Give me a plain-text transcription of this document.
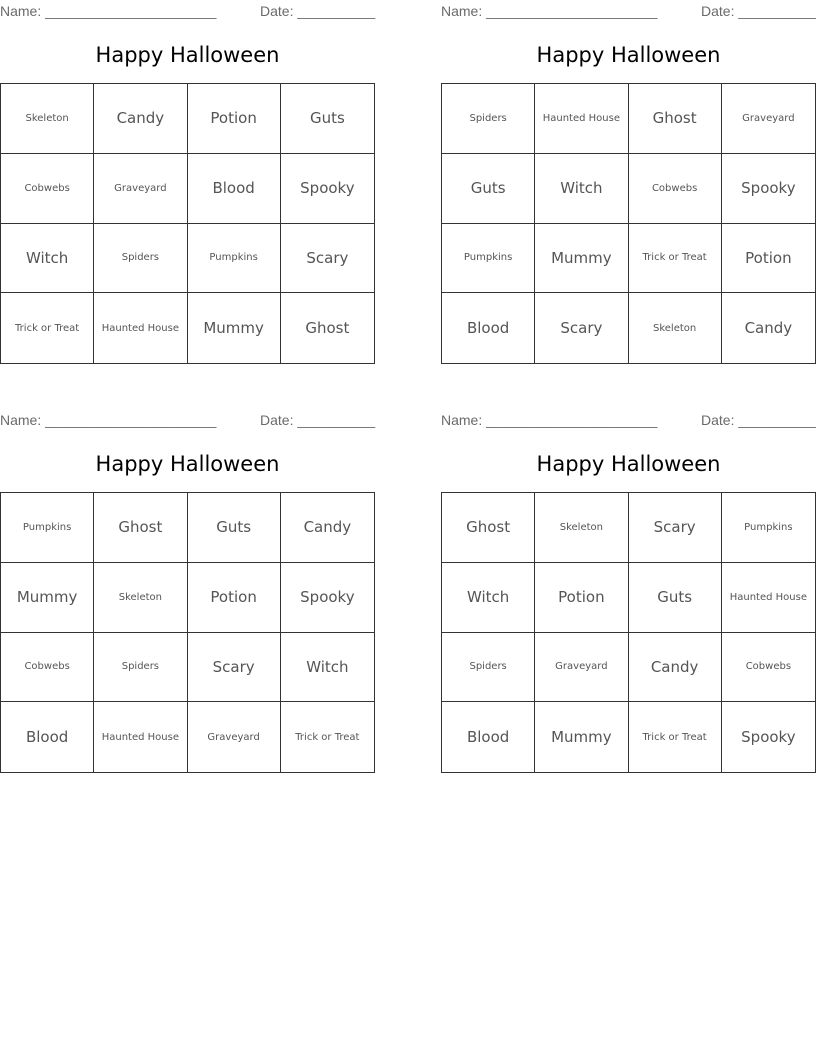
Name: ______________________	Date: __________
Happy Halloween
Skeleton	Candy	Potion	Guts
Cobwebs	Graveyard	Blood	Spooky
Witch	Spiders	Pumpkins	Scary
Trick or Treat	Haunted House	Mummy	Ghost
Name: ______________________	Date: __________
Happy Halloween
Spiders	Haunted House	Ghost	Graveyard
Guts	Witch	Cobwebs	Spooky
Pumpkins	Mummy	Trick or Treat	Potion
Blood	Scary	Skeleton	Candy
Name: ______________________	Date: __________
Happy Halloween
Pumpkins	Ghost	Guts	Candy
Mummy	Skeleton	Potion	Spooky
Cobwebs	Spiders	Scary	Witch
Blood	Haunted House	Graveyard	Trick or Treat
Name: ______________________	Date: __________
Happy Halloween
Ghost	Skeleton	Scary	Pumpkins
Witch	Potion	Guts	Haunted House
Spiders	Graveyard	Candy	Cobwebs
Blood	Mummy	Trick or Treat	Spooky
